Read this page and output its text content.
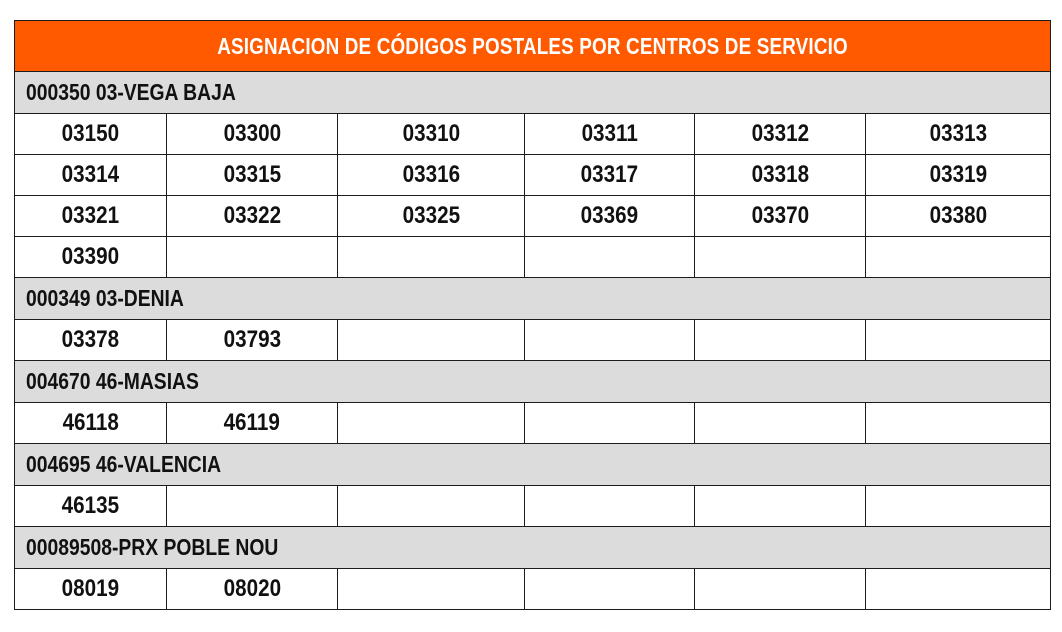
ASIGNACION DE CÓDIGOS POSTALES POR CENTROS DE SERVICIO					
000350 03-VEGA BAJA					
03150	03300	03310	03311	03312	03313
03314	03315	03316	03317	03318	03319
03321	03322	03325	03369	03370	03380
03390					
000349 03-DENIA					
03378	03793				
004670 46-MASIAS					
46118	46119				
004695 46-VALENCIA					
46135					
00089508-PRX POBLE NOU					
08019	08020				
